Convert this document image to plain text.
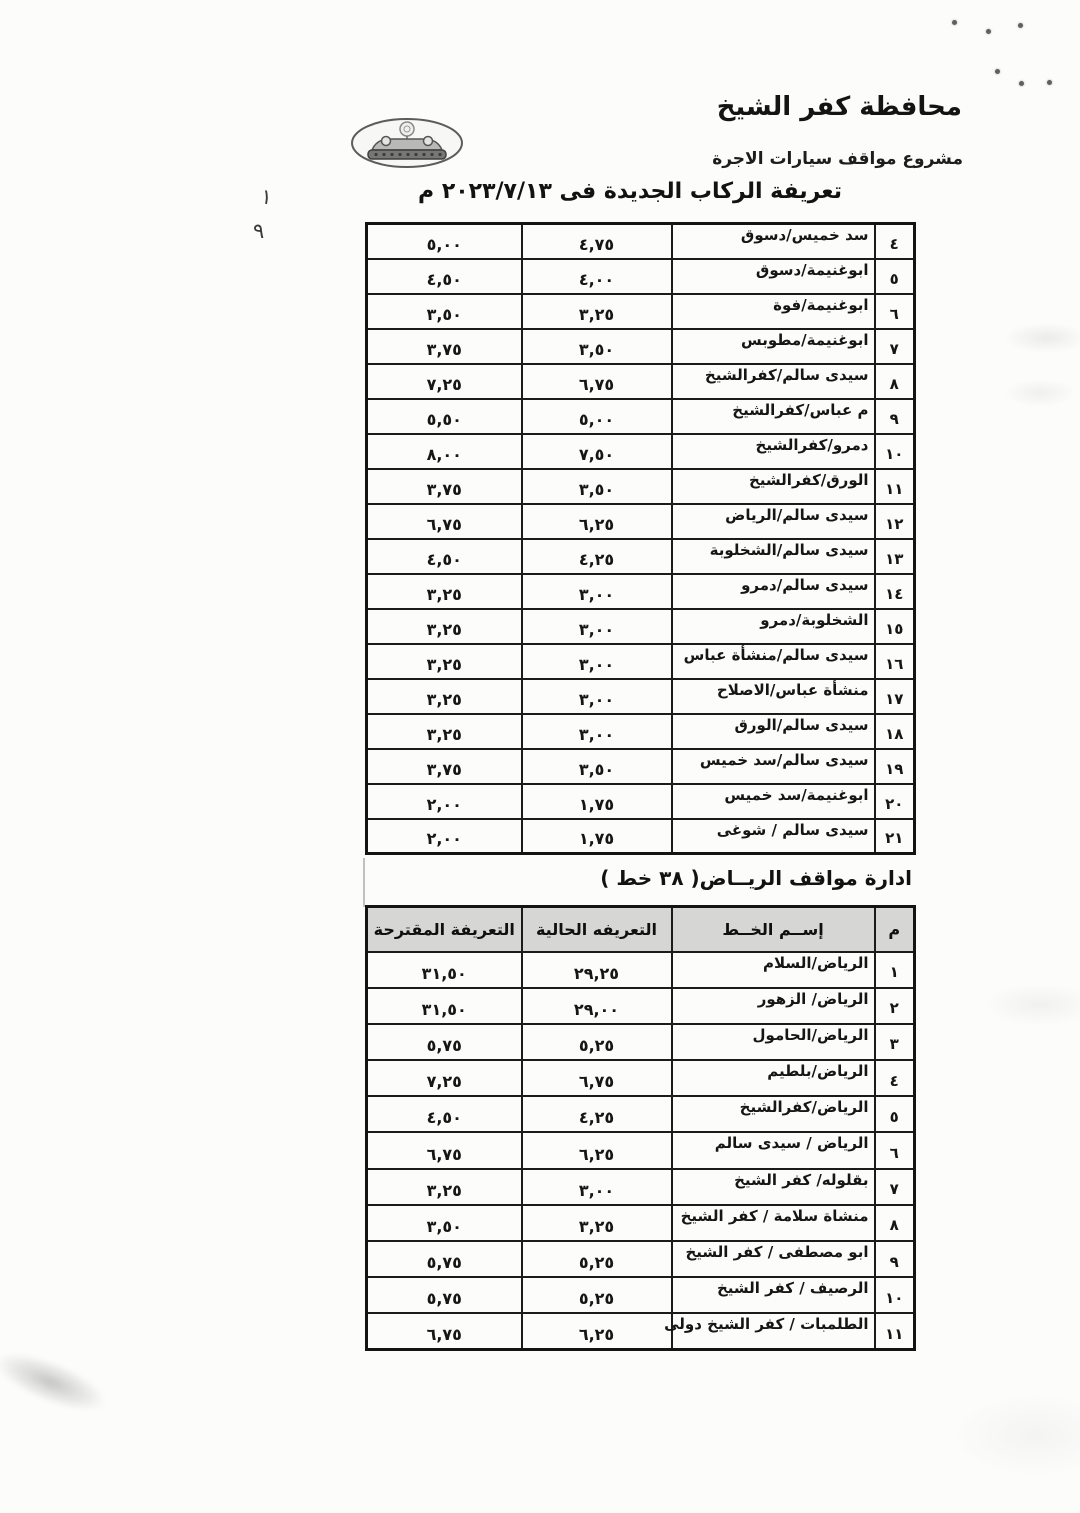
محافظة كفر الشيخ
مشروع مواقف سيارات الاجرة
تعريفة الركاب الجديدة فى ٢٠٢٣/٧/١٣ م
١
٩
٤	سد خميس/دسوق	٤,٧٥	٥,٠٠
٥	ابوغنيمة/دسوق	٤,٠٠	٤,٥٠
٦	ابوغنيمة/فوة	٣,٢٥	٣,٥٠
٧	ابوغنيمة/مطوبس	٣,٥٠	٣,٧٥
٨	سيدى سالم/كفرالشيخ	٦,٧٥	٧,٢٥
٩	م عباس/كفرالشيخ	٥,٠٠	٥,٥٠
١٠	دمرو/كفرالشيخ	٧,٥٠	٨,٠٠
١١	الورق/كفرالشيخ	٣,٥٠	٣,٧٥
١٢	سيدى سالم/الرياض	٦,٢٥	٦,٧٥
١٣	سيدى سالم/الشخلوبة	٤,٢٥	٤,٥٠
١٤	سيدى سالم/دمرو	٣,٠٠	٣,٢٥
١٥	الشخلوبة/دمرو	٣,٠٠	٣,٢٥
١٦	سيدى سالم/منشأة عباس	٣,٠٠	٣,٢٥
١٧	منشأة عباس/الاصلاح	٣,٠٠	٣,٢٥
١٨	سيدى سالم/الورق	٣,٠٠	٣,٢٥
١٩	سيدى سالم/سد خميس	٣,٥٠	٣,٧٥
٢٠	ابوغنيمة/سد خميس	١,٧٥	٢,٠٠
٢١	سيدى سالم / شوغى	١,٧٥	٢,٠٠
ادارة مواقف الريــاض( ٣٨ خط )
م	إســم الخــط	التعريفه الحالية	التعريفة المقترحة
١	الرياض/السلام	٢٩,٢٥	٣١,٥٠
٢	الرياض/ الزهور	٢٩,٠٠	٣١,٥٠
٣	الرياض/الحامول	٥,٢٥	٥,٧٥
٤	الرياض/بلطيم	٦,٧٥	٧,٢٥
٥	الرياض/كفرالشيخ	٤,٢٥	٤,٥٠
٦	الرياض / سيدى سالم	٦,٢٥	٦,٧٥
٧	بقلوله/ كفر الشيخ	٣,٠٠	٣,٢٥
٨	منشاة سلامة / كفر الشيخ	٣,٢٥	٣,٥٠
٩	ابو مصطفى / كفر الشيخ	٥,٢٥	٥,٧٥
١٠	الرصيف / كفر الشيخ	٥,٢٥	٥,٧٥
١١	الطلمبات / كفر الشيخ دولى	٦,٢٥	٦,٧٥
